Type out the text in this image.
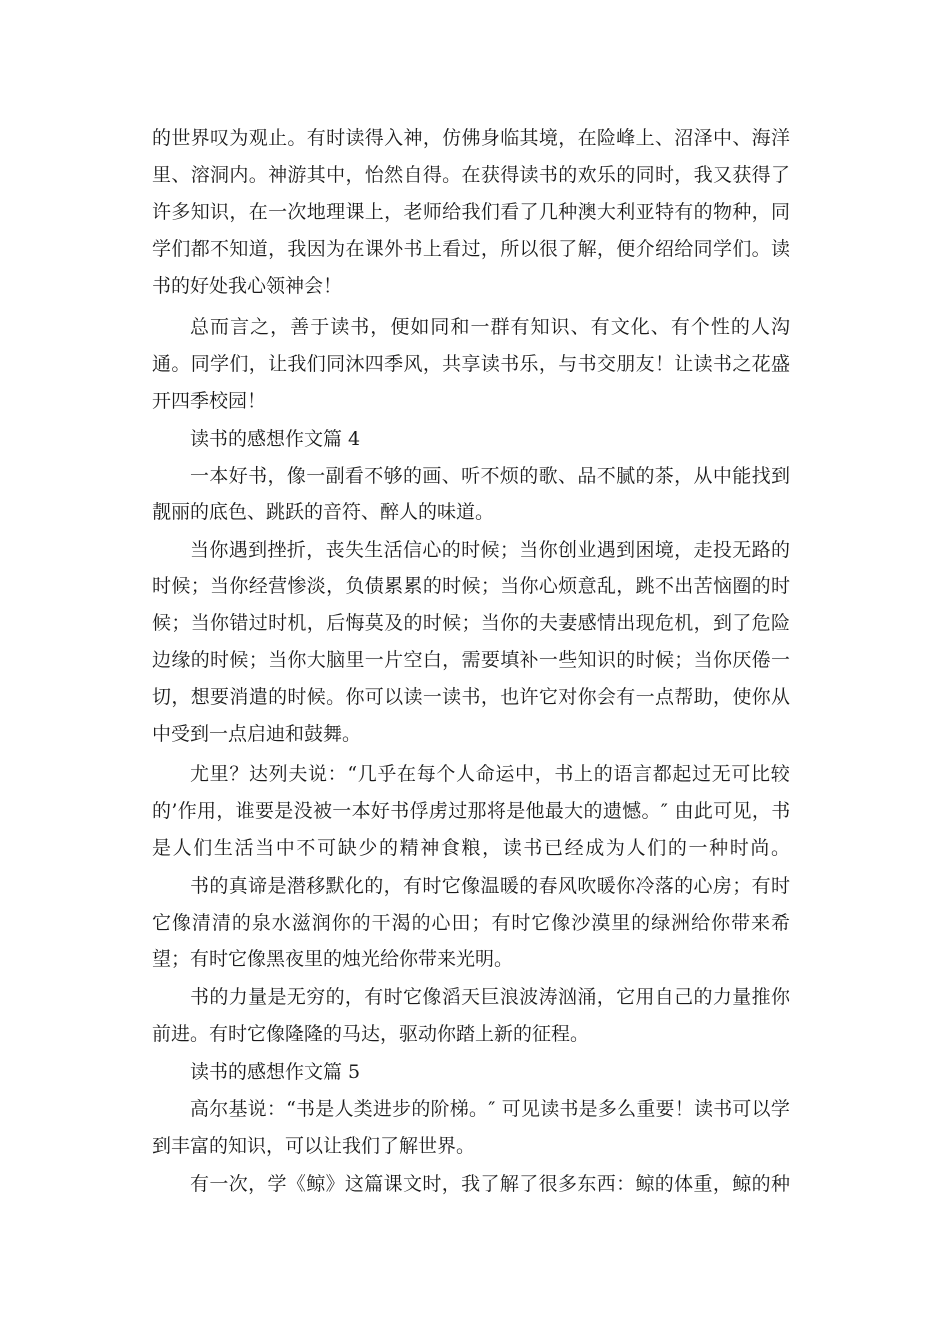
的世界叹为观止。有时读得入神，仿佛身临其境，在险峰上、沼泽中、海洋
里、溶洞内。神游其中，怡然自得。在获得读书的欢乐的同时，我又获得了
许多知识，在一次地理课上，老师给我们看了几种澳大利亚特有的物种，同
学们都不知道，我因为在课外书上看过，所以很了解，便介绍给同学们。读
书的好处我心领神会！
总而言之，善于读书，便如同和一群有知识、有文化、有个性的人沟
通。同学们，让我们同沐四季风，共享读书乐，与书交朋友！让读书之花盛
开四季校园！
读书的感想作文篇 4
一本好书，像一副看不够的画、听不烦的歌、品不腻的茶，从中能找到
靓丽的底色、跳跃的音符、醉人的味道。
当你遇到挫折，丧失生活信心的时候；当你创业遇到困境，走投无路的
时候；当你经营惨淡，负债累累的时候；当你心烦意乱，跳不出苦恼圈的时
候；当你错过时机，后悔莫及的时候；当你的夫妻感情出现危机，到了危险
边缘的时候；当你大脑里一片空白，需要填补一些知识的时候；当你厌倦一
切，想要消遣的时候。你可以读一读书，也许它对你会有一点帮助，使你从
中受到一点启迪和鼓舞。
尤里？达列夫说：“几乎在每个人命运中，书上的语言都起过无可比较
的’作用，谁要是没被一本好书俘虏过那将是他最大的遗憾。″ 由此可见，书
是人们生活当中不可缺少的精神食粮，读书已经成为人们的一种时尚。
书的真谛是潜移默化的，有时它像温暖的春风吹暖你冷落的心房；有时
它像清清的泉水滋润你的干渴的心田；有时它像沙漠里的绿洲给你带来希
望；有时它像黑夜里的烛光给你带来光明。
书的力量是无穷的，有时它像滔天巨浪波涛汹涌，它用自己的力量推你
前进。有时它像隆隆的马达，驱动你踏上新的征程。
读书的感想作文篇 5
高尔基说：“书是人类进步的阶梯。″ 可见读书是多么重要！读书可以学
到丰富的知识，可以让我们了解世界。
有一次，学《鲸》这篇课文时，我了解了很多东西：鲸的体重，鲸的种
